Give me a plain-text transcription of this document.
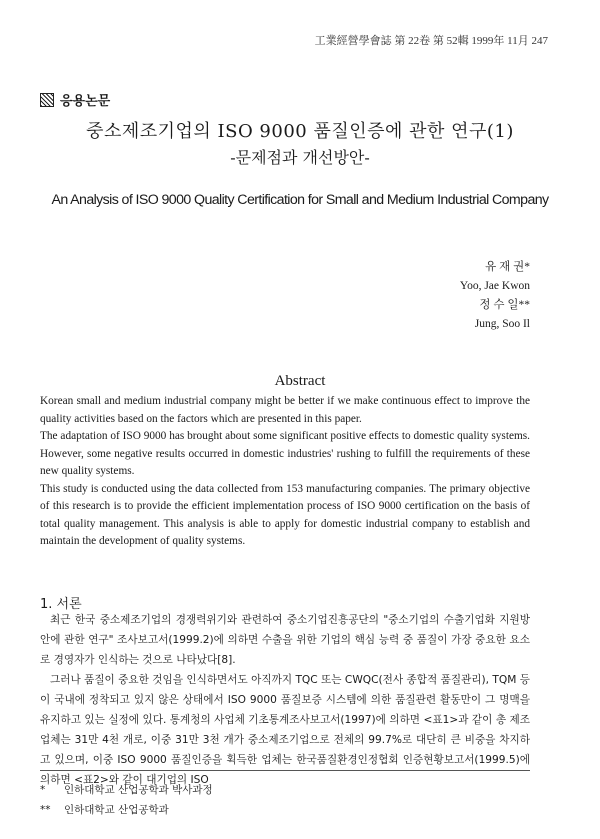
工業經營學會誌 第 22卷 第 52輯 1999年 11月 247
응용논문
중소제조기업의 ISO 9000 품질인증에 관한 연구(1)
-문제점과 개선방안-
An Analysis of ISO 9000 Quality Certification for Small and Medium Industrial Company
유 재 권*
Yoo, Jae Kwon
정 수 일**
Jung, Soo Il
Abstract

Korean small and medium industrial company might be better if we make continuous effect to improve the quality activities based on the factors which are presented in this paper.

The adaptation of ISO 9000 has brought about some significant positive effects to domestic quality systems. However, some negative results occurred in domestic industries' rushing to fulfill the requirements of these new quality systems.

This study is conducted using the data collected from 153 manufacturing companies. The primary objective of this research is to provide the efficient implementation process of ISO 9000 certification on the basis of total quality management. This analysis is able to apply for domestic industrial company to establish and maintain the development of quality systems.

1. 서론

최근 한국 중소제조기업의 경쟁력위기와 관련하여 중소기업진흥공단의 "중소기업의 수출기업화 지원방안에 관한 연구" 조사보고서(1999.2)에 의하면 수출을 위한 기업의 핵심 능력 중 품질이 가장 중요한 요소로 경영자가 인식하는 것으로 나타났다[8].

그러나 품질이 중요한 것임을 인식하면서도 아직까지 TQC 또는 CWQC(전사 종합적 품질관리), TQM 등이 국내에 정착되고 있지 않은 상태에서 ISO 9000 품질보증 시스템에 의한 품질관련 활동만이 그 명맥을 유지하고 있는 실정에 있다. 통계청의 사업체 기초통계조사보고서(1997)에 의하면 <표1>과 같이 총 제조업체는 31만 4천 개로, 이중 31만 3천 개가 중소제조기업으로 전체의 99.7%로 대단히 큰 비중을 차지하고 있으며, 이중 ISO 9000 품질인증을 획득한 업체는 한국품질환경인정협회 인증현황보고서(1999.5)에 의하면 <표2>와 같이 대기업의 ISO

*	인하대학교 산업공학과 박사과정
**	인하대학교 산업공학과
